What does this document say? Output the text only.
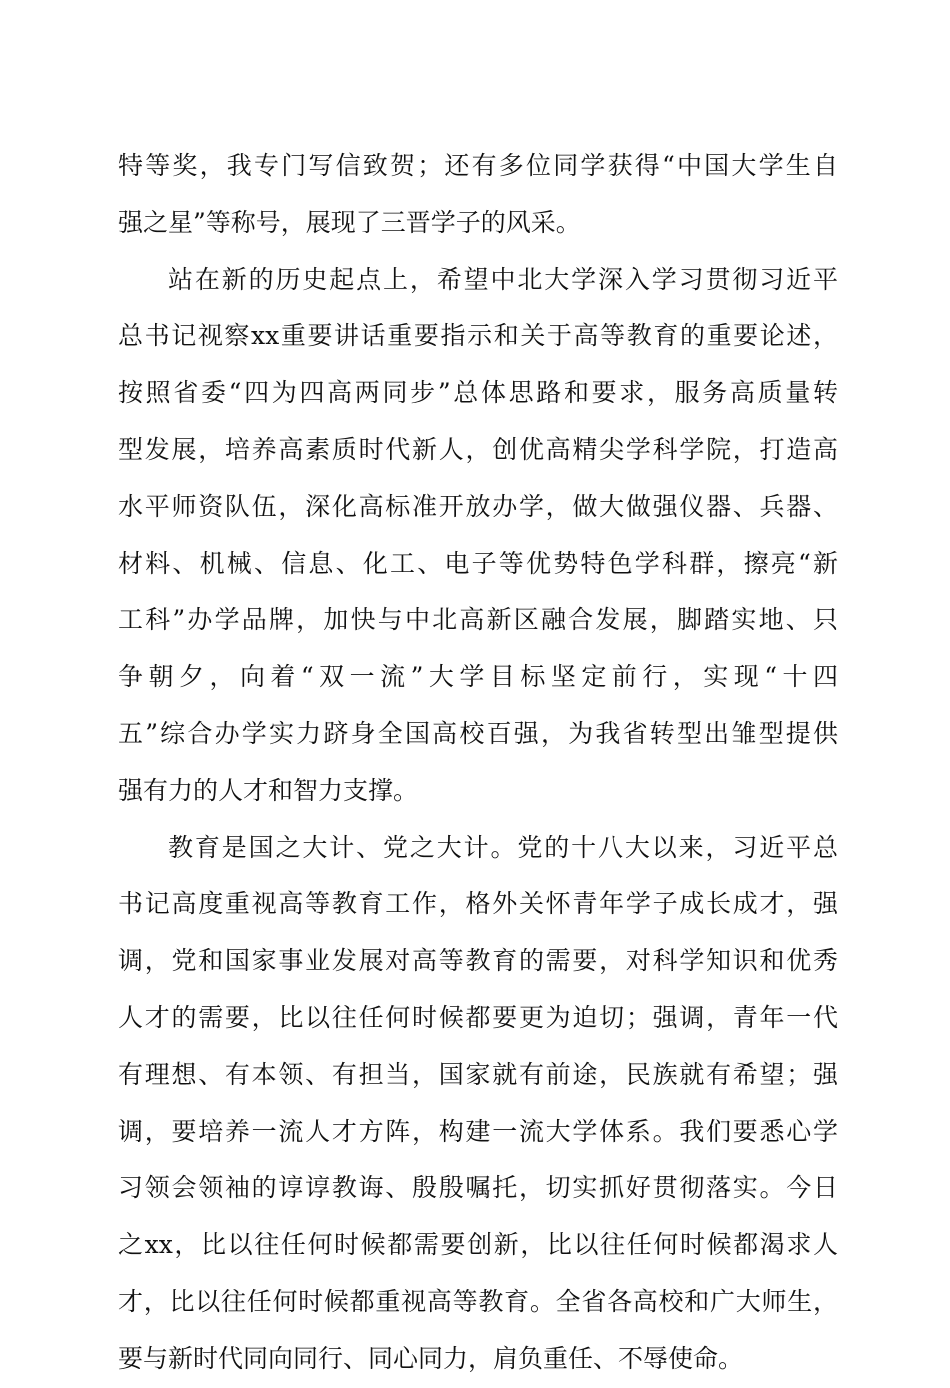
特等奖，我专门写信致贺；还有多位同学获得“中国大学生自
强之星”等称号，展现了三晋学子的风采。
站在新的历史起点上，希望中北大学深入学习贯彻习近平
总书记视察xx重要讲话重要指示和关于高等教育的重要论述，
按照省委“四为四高两同步”总体思路和要求，服务高质量转
型发展，培养高素质时代新人，创优高精尖学科学院，打造高
水平师资队伍，深化高标准开放办学，做大做强仪器、兵器、
材料、机械、信息、化工、电子等优势特色学科群，擦亮“新
工科”办学品牌，加快与中北高新区融合发展，脚踏实地、只
争朝夕，向着“双一流”大学目标坚定前行，实现“十四
五”综合办学实力跻身全国高校百强，为我省转型出雏型提供
强有力的人才和智力支撑。
教育是国之大计、党之大计。党的十八大以来，习近平总
书记高度重视高等教育工作，格外关怀青年学子成长成才，强
调，党和国家事业发展对高等教育的需要，对科学知识和优秀
人才的需要，比以往任何时候都要更为迫切；强调，青年一代
有理想、有本领、有担当，国家就有前途，民族就有希望；强
调，要培养一流人才方阵，构建一流大学体系。我们要悉心学
习领会领袖的谆谆教诲、殷殷嘱托，切实抓好贯彻落实。今日
之xx，比以往任何时候都需要创新，比以往任何时候都渴求人
才，比以往任何时候都重视高等教育。全省各高校和广大师生，
要与新时代同向同行、同心同力，肩负重任、不辱使命。
